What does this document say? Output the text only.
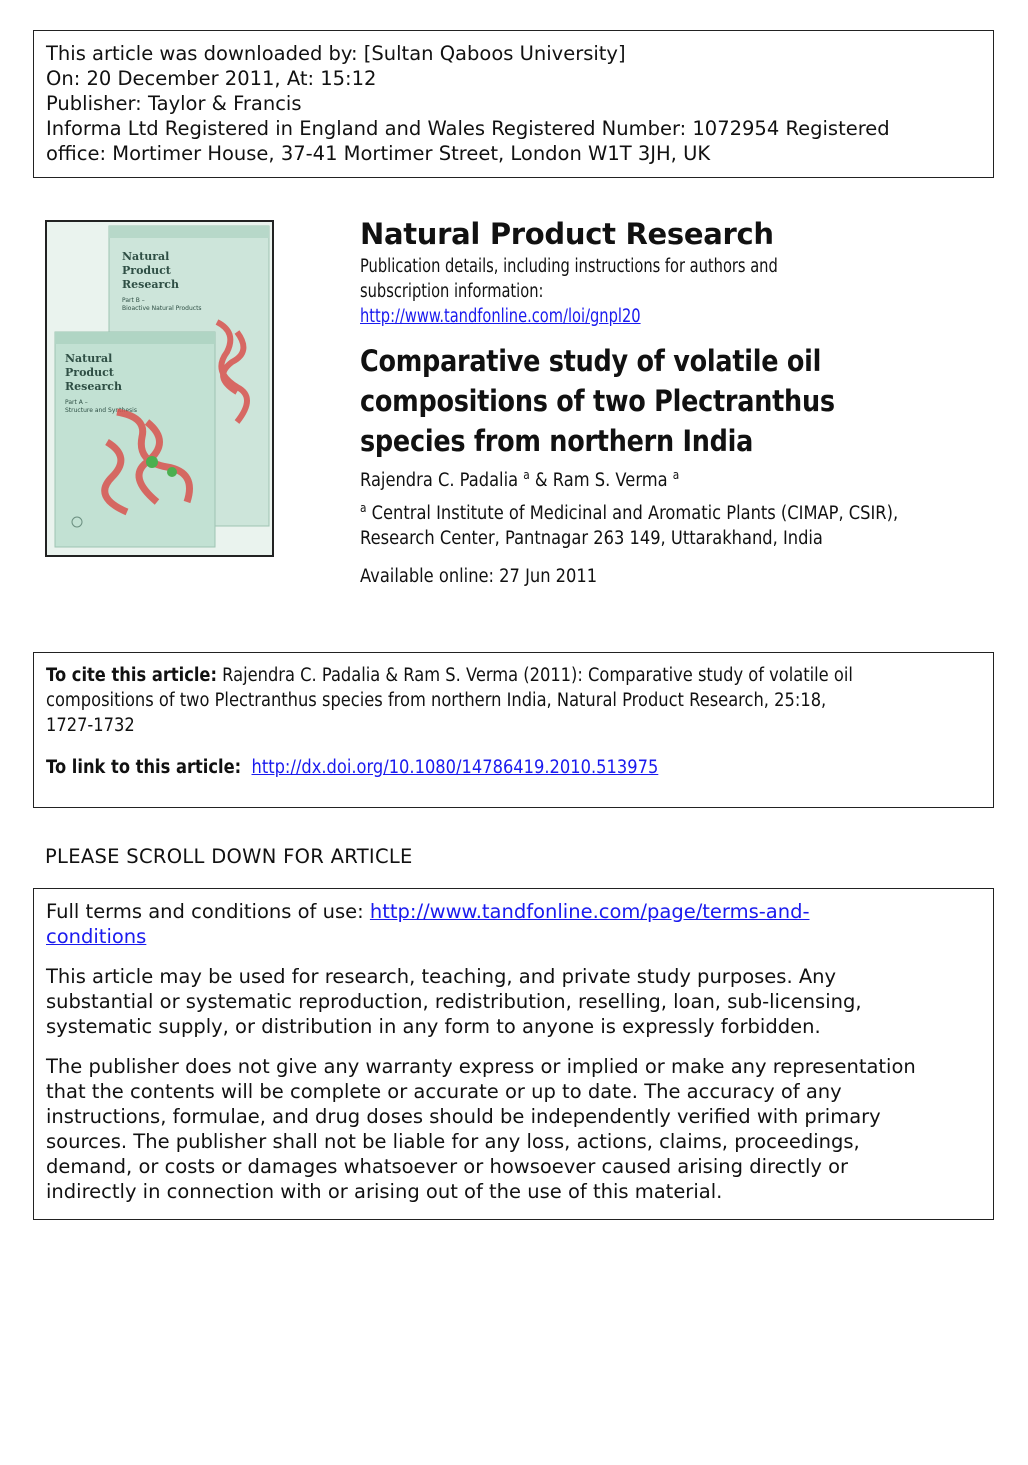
This article was downloaded by: [Sultan Qaboos University]
On: 20 December 2011, At: 15:12
Publisher: Taylor & Francis
Informa Ltd Registered in England and Wales Registered Number: 1072954 Registered
office: Mortimer House, 37-41 Mortimer Street, London W1T 3JH, UK
Natural
Product
Research
Part B –
Bioactive Natural Products
Natural
Product
Research
Part A –
Structure and Synthesis
Natural Product Research
Publication details, including instructions for authors and
subscription information:
http://www.tandfonline.com/loi/gnpl20
Comparative study of volatile oil
compositions of two Plectranthus
species from northern India
Rajendra C. Padalia $^a$ & Ram S. Verma $^a$
$^a$ Central Institute of Medicinal and Aromatic Plants (CIMAP, CSIR),
Research Center, Pantnagar 263 149, Uttarakhand, India
Available online: 27 Jun 2011
To cite this article: Rajendra C. Padalia & Ram S. Verma (2011): Comparative study of volatile oil
compositions of two Plectranthus species from northern India, Natural Product Research, 25:18,
1727-1732
To link to this article: http://dx.doi.org/10.1080/14786419.2010.513975
PLEASE SCROLL DOWN FOR ARTICLE

Full terms and conditions of use: http://www.tandfonline.com/page/terms-and-
conditions

This article may be used for research, teaching, and private study purposes. Any
substantial or systematic reproduction, redistribution, reselling, loan, sub-licensing,
systematic supply, or distribution in any form to anyone is expressly forbidden.

The publisher does not give any warranty express or implied or make any representation
that the contents will be complete or accurate or up to date. The accuracy of any
instructions, formulae, and drug doses should be independently verified with primary
sources. The publisher shall not be liable for any loss, actions, claims, proceedings,
demand, or costs or damages whatsoever or howsoever caused arising directly or
indirectly in connection with or arising out of the use of this material.
